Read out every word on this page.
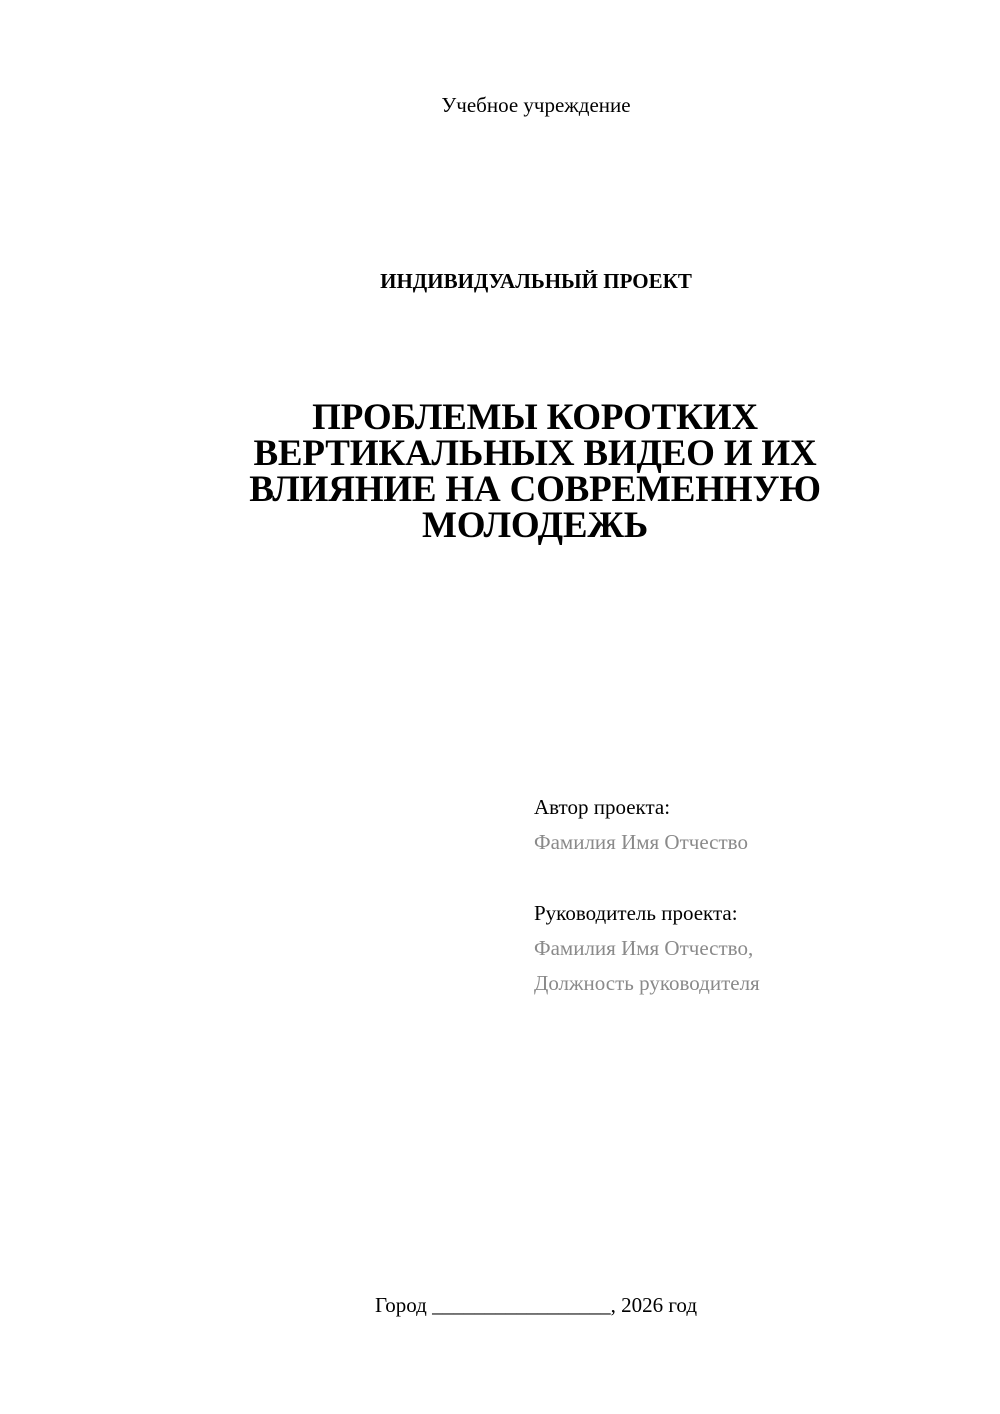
Учебное учреждение
ИНДИВИДУАЛЬНЫЙ ПРОЕКТ
ПРОБЛЕМЫ КОРОТКИХ
ВЕРТИКАЛЬНЫХ ВИДЕО И ИХ
ВЛИЯНИЕ НА СОВРЕМЕННУЮ
МОЛОДЕЖЬ
Автор проекта:
Фамилия Имя Отчество
Руководитель проекта:
Фамилия Имя Отчество,
Должность руководителя
Город _________________, 2026 год
